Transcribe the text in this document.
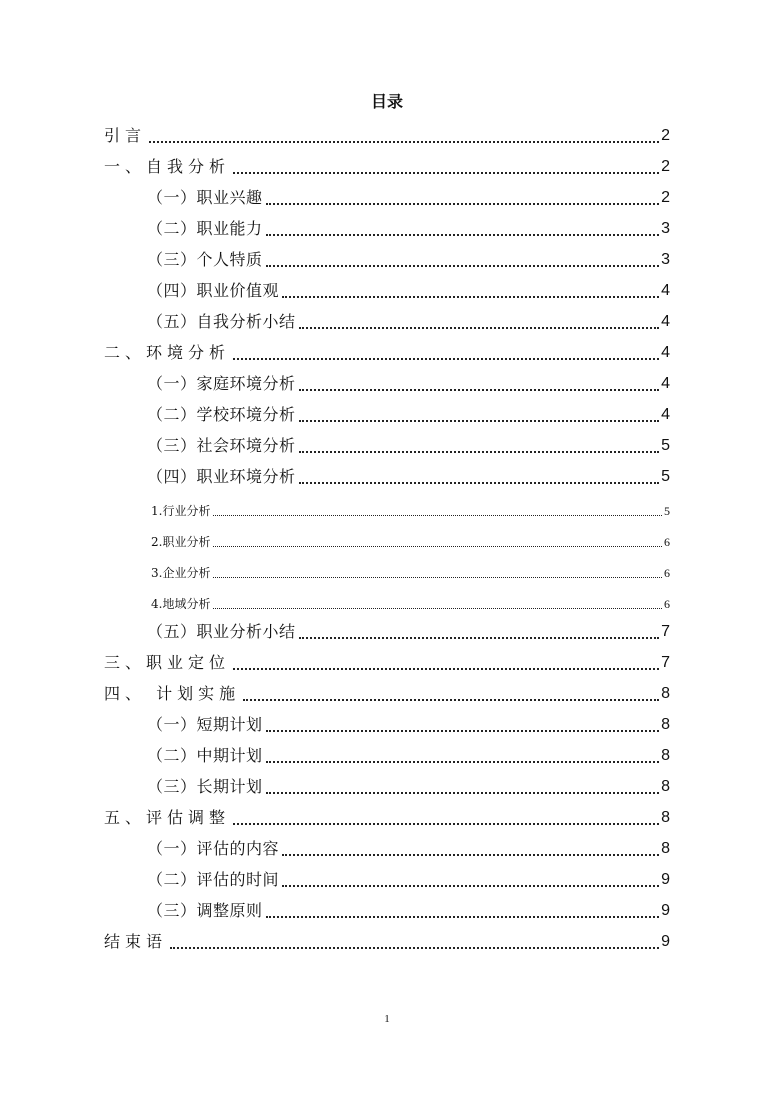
目录
引言	2
一、自我分析	2
（一）职业兴趣	2
（二）职业能力	3
（三）个人特质	3
（四）职业价值观	4
（五）自我分析小结	4
二、环境分析	4
（一）家庭环境分析	4
（二）学校环境分析	4
（三）社会环境分析	5
（四）职业环境分析	5
1.行业分析	5
2.职业分析	6
3.企业分析	6
4.地域分析	6
（五）职业分析小结	7
三、职业定位	7
四、 计划实施	8
（一）短期计划	8
（二）中期计划	8
（三）长期计划	8
五、评估调整	8
（一）评估的内容	8
（二）评估的时间	9
（三）调整原则	9
结束语	9
1
